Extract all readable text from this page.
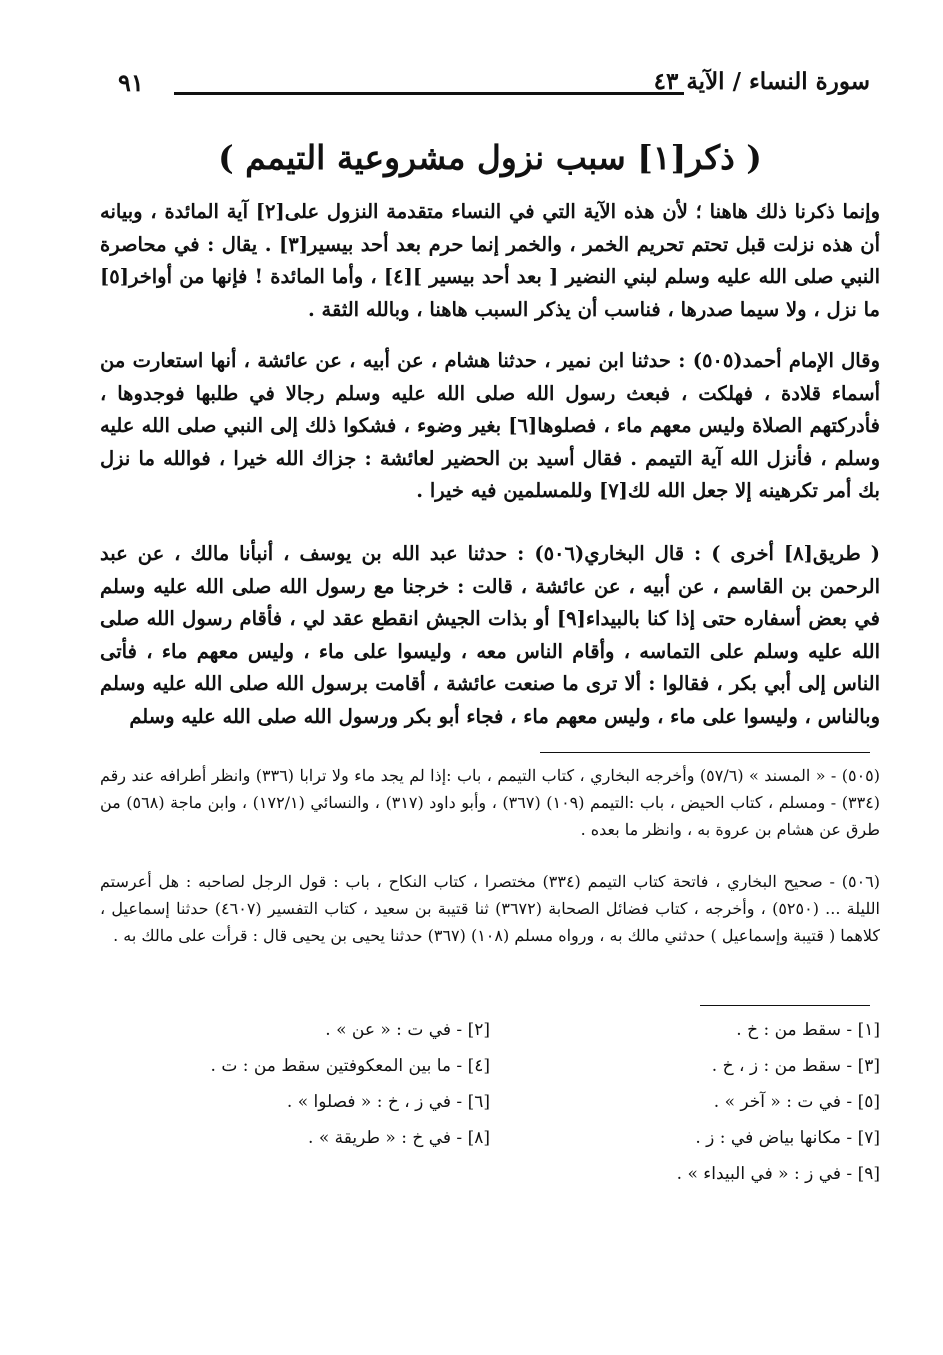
٩١	سورة النساء / الآية ٤٣
( ذكر[١] سبب نزول مشروعية التيمم )
وإنما ذكرنا ذلك هاهنا ؛ لأن هذه الآية التي في النساء متقدمة النزول على[٢] آية المائدة ، وبيانه أن هذه نزلت قبل تحتم تحريم الخمر ، والخمر إنما حرم بعد أحد بيسير[٣] . يقال : في محاصرة النبي صلى الله عليه وسلم لبني النضير [ بعد أحد بيسير ][٤] ، وأما المائدة ! فإنها من أواخر[٥] ما نزل ، ولا سيما صدرها ، فناسب أن يذكر السبب هاهنا ، وبالله الثقة .
وقال الإمام أحمد(٥٠٥) : حدثنا ابن نمير ، حدثنا هشام ، عن أبيه ، عن عائشة ، أنها استعارت من أسماء قلادة ، فهلكت ، فبعث رسول الله صلى الله عليه وسلم رجالا في طلبها فوجدوها ، فأدركتهم الصلاة وليس معهم ماء ، فصلوها[٦] بغير وضوء ، فشكوا ذلك إلى النبي صلى الله عليه وسلم ، فأنزل الله آية التيمم . فقال أسيد بن الحضير لعائشة : جزاك الله خيرا ، فوالله ما نزل بك أمر تكرهينه إلا جعل الله لك[٧] وللمسلمين فيه خيرا .
( طريق[٨] أخرى ) : قال البخاري(٥٠٦) : حدثنا عبد الله بن يوسف ، أنبأنا مالك ، عن عبد الرحمن بن القاسم ، عن أبيه ، عن عائشة ، قالت : خرجنا مع رسول الله صلى الله عليه وسلم في بعض أسفاره حتى إذا كنا بالبيداء[٩] أو بذات الجيش انقطع عقد لي ، فأقام رسول الله صلى الله عليه وسلم على التماسه ، وأقام الناس معه ، وليسوا على ماء ، وليس معهم ماء ، فأتى الناس إلى أبي بكر ، فقالوا : ألا ترى ما صنعت عائشة ، أقامت برسول الله صلى الله عليه وسلم وبالناس ، وليسوا على ماء ، وليس معهم ماء ، فجاء أبو بكر ورسول الله صلى الله عليه وسلم
(٥٠٥) - « المسند » (٥٧/٦) وأخرجه البخاري ، كتاب التيمم ، باب :إذا لم يجد ماء ولا ترابا (٣٣٦) وانظر أطرافه عند رقم (٣٣٤) - ومسلم ، كتاب الحيض ، باب :التيمم (١٠٩) (٣٦٧) ، وأبو داود (٣١٧) ، والنسائي (١٧٢/١) ، وابن ماجة (٥٦٨) من طرق عن هشام بن عروة به ، وانظر ما بعده .
(٥٠٦) - صحيح البخاري ، فاتحة كتاب التيمم (٣٣٤) مختصرا ، كتاب النكاح ، باب : قول الرجل لصاحبه : هل أعرستم الليلة ... (٥٢٥٠) ، وأخرجه ، كتاب فضائل الصحابة (٣٦٧٢) ثنا قتيبة بن سعيد ، كتاب التفسير (٤٦٠٧) حدثنا إسماعيل ، كلاهما ( قتيبة وإسماعيل ) حدثني مالك به ، ورواه مسلم (١٠٨) (٣٦٧) حدثنا يحيى بن يحيى قال : قرأت على مالك به .
[١] - سقط من : خ .
[٢] - في ت : « عن » .
[٣] - سقط من : ز ، خ .
[٤] - ما بين المعكوفتين سقط من : ت .
[٥] - في ت : « آخر » .
[٦] - في ز ، خ : « فصلوا » .
[٧] - مكانها بياض في : ز .
[٨] - في خ : « طريقة » .
[٩] - في ز : « في البيداء » .
